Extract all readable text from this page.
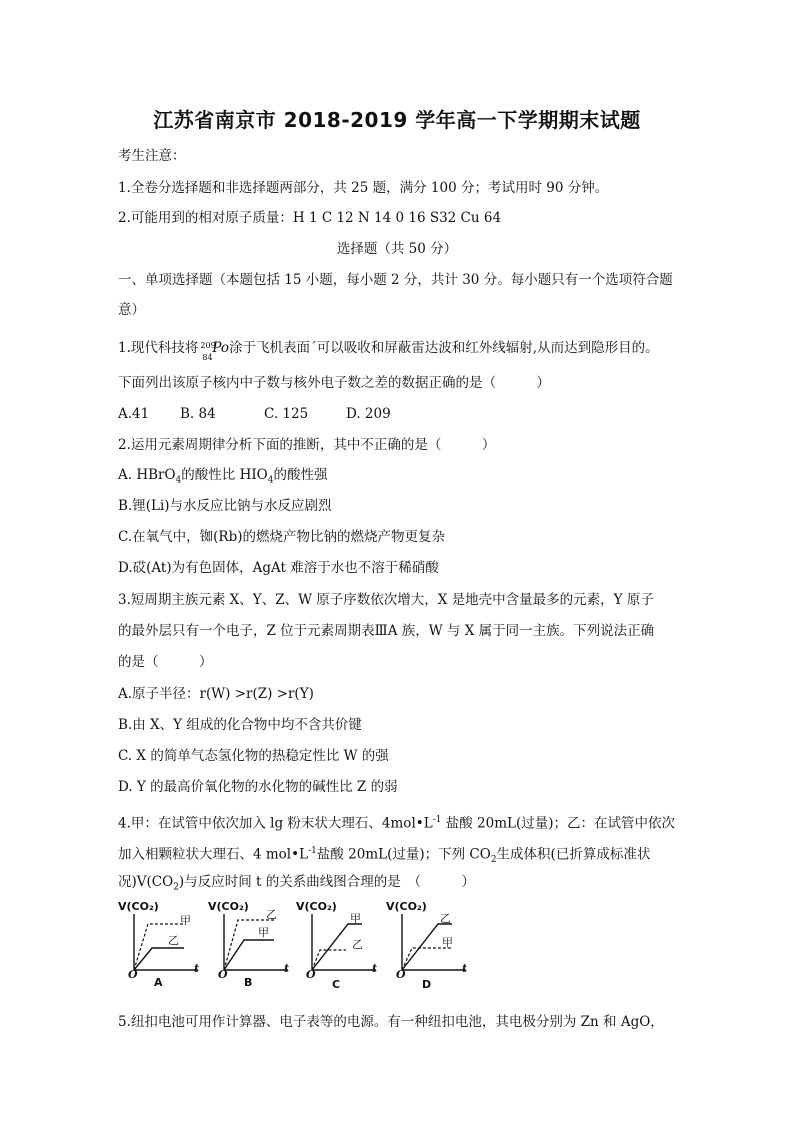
江苏省南京市 2018-2019 学年高一下学期期末试题
考生注意：
1.全卷分选择题和非选择题两部分，共 25 题，满分 100 分；考试用时 90 分钟。
2.可能用到的相对原子质量：H 1 C 12 N 14 0 16 S32 Cu 64
选择题（共 50 分）
一、单项选择题（本题包括 15 小题，每小题 2 分，共计 30 分。每小题只有一个选项符合题
意）
1.现代科技将 209
84
Po涂于飞机表面´可以吸收和屏蔽雷达波和红外线辐射,从而达到隐形目的。
下面列出该原子核内中子数与核外电子数之差的数据正确的是（　　　）
A.41 B. 84	C. 125	D. 209
2.运用元素周期律分析下面的推断，其中不正确的是（　　　）
A. HBrO$_4$的酸性比 $HIO_4$的酸性强
B.锂(Li)与水反应比钠与水反应剧烈
C.在氧气中，铷(Rb)的燃烧产物比钠的燃烧产物更复杂
D.砹(At)为有色固体，AgAt 难溶于水也不溶于稀硝酸
3.短周期主族元素 X、Y、Z、W 原子序数依次增大，X 是地壳中含量最多的元素，Y 原子
的最外层只有一个电子，Z 位于元素周期表ⅢA 族，W 与 X 属于同一主族。下列说法正确
的是（　　　）
A.原子半径：r(W) >r(Z) >r(Y)
B.由 X、Y 组成的化合物中均不含共价键
C. X 的简单气态氢化物的热稳定性比 W 的强
D. Y 的最高价氧化物的水化物的碱性比 Z 的弱
4.甲：在试管中依次加入 lg 粉末状大理石、$4mol•L^{-1}$ 盐酸 20mL(过量)；乙：在试管中依次
加入相颗粒状大理石、4 $mol•L^{-1}$盐酸 20mL(过量)；下列 $CO_2$生成体积(已折算成标准状
况)$V(CO_2)$与反应时间 t 的关系曲线图合理的是　（　　　）
V(CO₂)
甲
乙
O	t
A
V(CO₂)
乙
甲
O	t
B
V(CO₂)
甲
乙
O	t
C
V(CO₂)
乙
甲
O	t
D
5.纽扣电池可用作计算器、电子表等的电源。有一种纽扣电池，其电极分别为 Zn 和 AgO，
